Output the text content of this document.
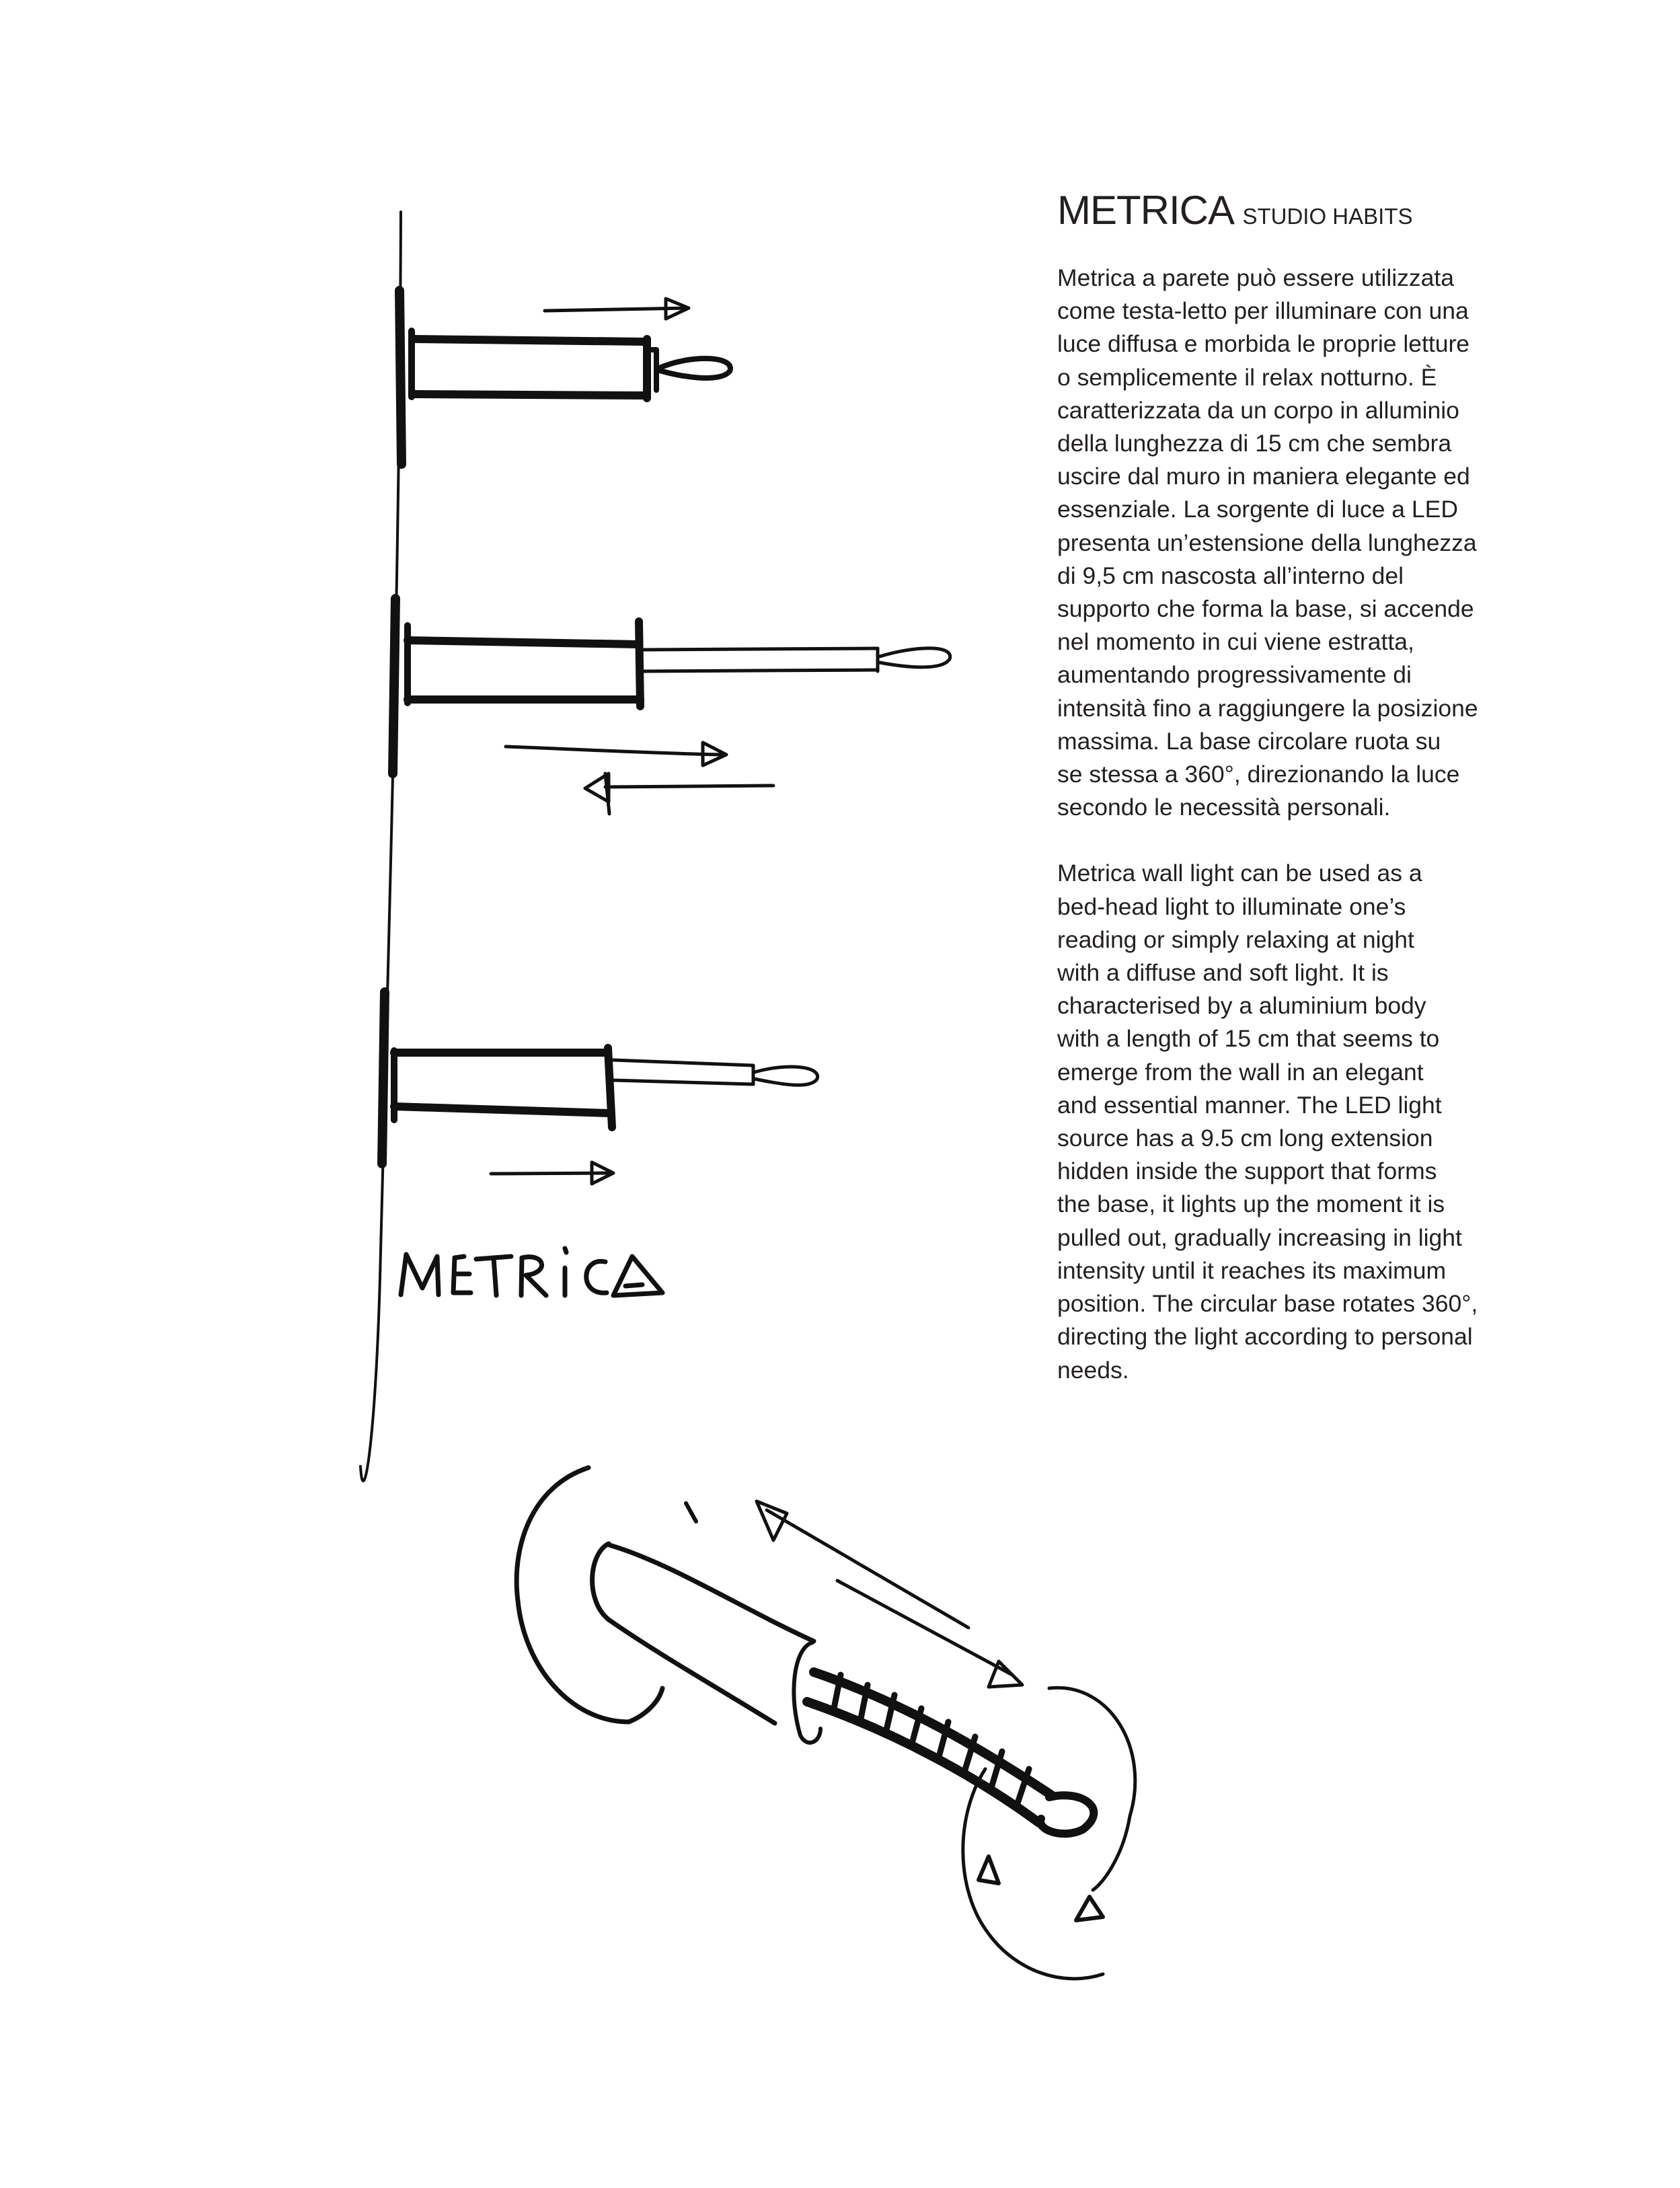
METRICA STUDIO HABITS

Metrica a parete può essere utilizzata
come testa-letto per illuminare con una
luce diffusa e morbida le proprie letture
o semplicemente il relax notturno. È
caratterizzata da un corpo in alluminio
della lunghezza di 15 cm che sembra
uscire dal muro in maniera elegante ed
essenziale. La sorgente di luce a LED
presenta un’estensione della lunghezza
di 9,5 cm nascosta all’interno del
supporto che forma la base, si accende
nel momento in cui viene estratta,
aumentando progressivamente di
intensità fino a raggiungere la posizione
massima. La base circolare ruota su
se stessa a 360°, direzionando la luce
secondo le necessità personali.

Metrica wall light can be used as a
bed-head light to illuminate one’s
reading or simply relaxing at night
with a diffuse and soft light. It is
characterised by a aluminium body
with a length of 15 cm that seems to
emerge from the wall in an elegant
and essential manner. The LED light
source has a 9.5 cm long extension
hidden inside the support that forms
the base, it lights up the moment it is
pulled out, gradually increasing in light
intensity until it reaches its maximum
position. The circular base rotates 360°,
directing the light according to personal
needs.
